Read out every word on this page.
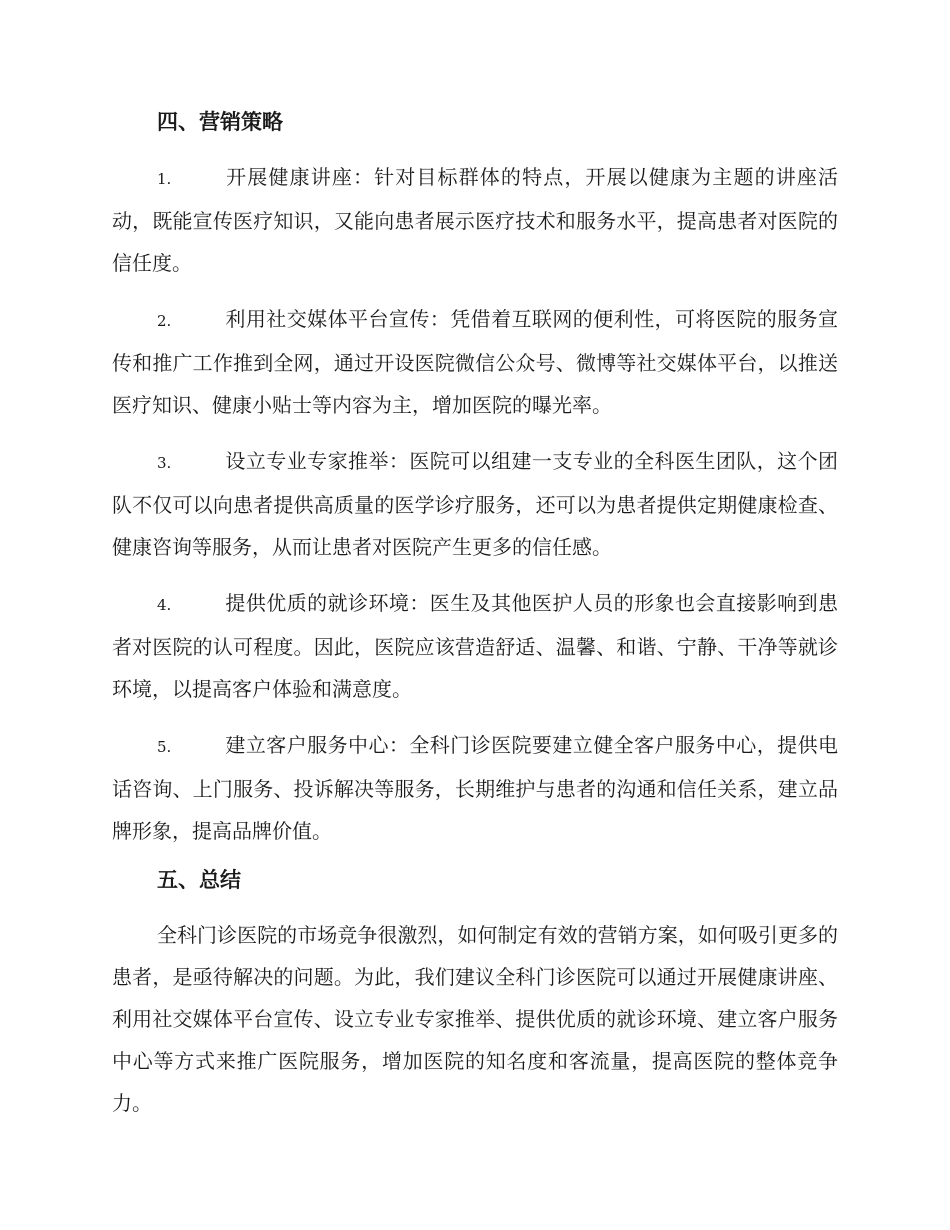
四、营销策略
1.	开展健康讲座：针对目标群体的特点，开展以健康为主题的讲座活动，既能宣传医疗知识，又能向患者展示医疗技术和服务水平，提高患者对医院的信任度。
2.	利用社交媒体平台宣传：凭借着互联网的便利性，可将医院的服务宣传和推广工作推到全网，通过开设医院微信公众号、微博等社交媒体平台，以推送医疗知识、健康小贴士等内容为主，增加医院的曝光率。
3.	设立专业专家推举：医院可以组建一支专业的全科医生团队，这个团队不仅可以向患者提供高质量的医学诊疗服务，还可以为患者提供定期健康检查、健康咨询等服务，从而让患者对医院产生更多的信任感。
4.	提供优质的就诊环境：医生及其他医护人员的形象也会直接影响到患者对医院的认可程度。因此，医院应该营造舒适、温馨、和谐、宁静、干净等就诊环境，以提高客户体验和满意度。
5.	建立客户服务中心：全科门诊医院要建立健全客户服务中心，提供电话咨询、上门服务、投诉解决等服务，长期维护与患者的沟通和信任关系，建立品牌形象，提高品牌价值。
五、总结

全科门诊医院的市场竞争很激烈，如何制定有效的营销方案，如何吸引更多的患者，是亟待解决的问题。为此，我们建议全科门诊医院可以通过开展健康讲座、利用社交媒体平台宣传、设立专业专家推举、提供优质的就诊环境、建立客户服务中心等方式来推广医院服务，增加医院的知名度和客流量，提高医院的整体竞争力。
